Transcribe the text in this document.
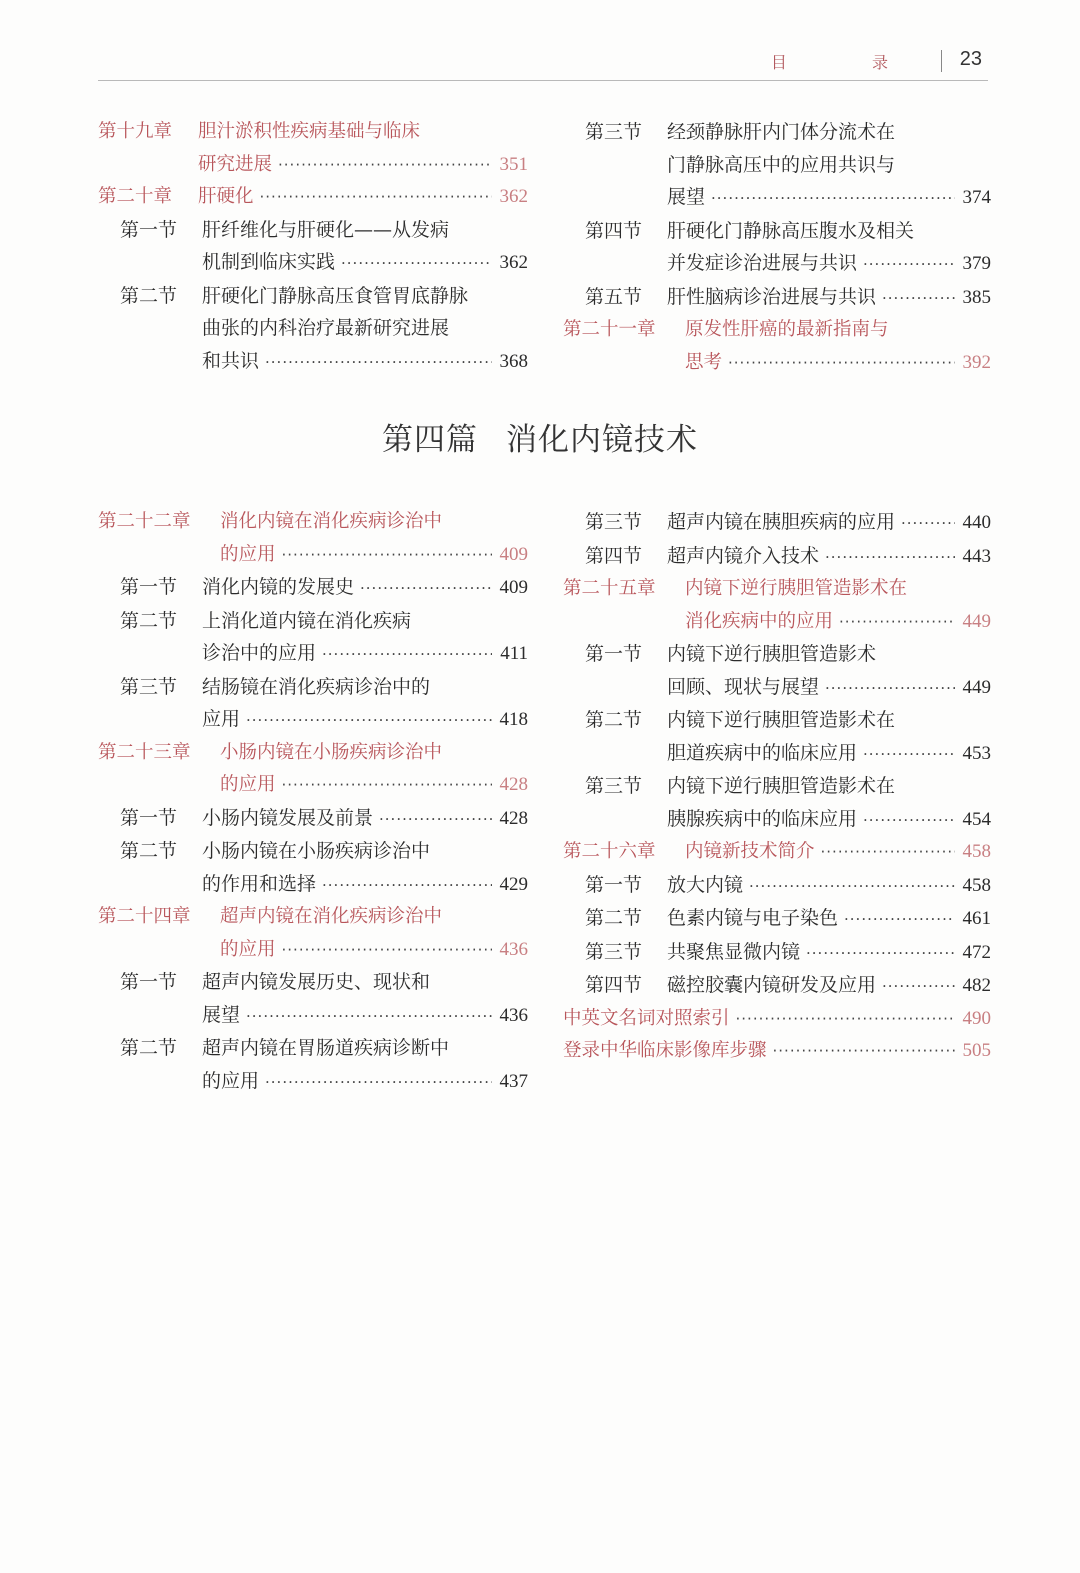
目 录 23
第十九章 胆汁淤积性疾病基础与临床
研究进展 ·····	351
第二十章 肝硬化 ·····	362
第一节 肝纤维化与肝硬化——从发病
机制到临床实践 ·····	362
第二节 肝硬化门静脉高压食管胃底静脉
曲张的内科治疗最新研究进展
和共识 ·····	368
第三节 经颈静脉肝内门体分流术在
门静脉高压中的应用共识与
展望 ·····	374
第四节 肝硬化门静脉高压腹水及相关
并发症诊治进展与共识 ·····	379
第五节 肝性脑病诊治进展与共识 ·····	385
第二十一章 原发性肝癌的最新指南与
思考 ·····	392
第四篇 消化内镜技术
第二十二章 消化内镜在消化疾病诊治中
的应用 ·····	409
第一节 消化内镜的发展史 ·····	409
第二节 上消化道内镜在消化疾病
诊治中的应用 ·····	411
第三节 结肠镜在消化疾病诊治中的
应用 ·····	418
第二十三章 小肠内镜在小肠疾病诊治中
的应用 ·····	428
第一节 小肠内镜发展及前景 ·····	428
第二节 小肠内镜在小肠疾病诊治中
的作用和选择 ·····	429
第二十四章 超声内镜在消化疾病诊治中
的应用 ·····	436
第一节 超声内镜发展历史、现状和
展望 ·····	436
第二节 超声内镜在胃肠道疾病诊断中
的应用 ·····	437
第三节 超声内镜在胰胆疾病的应用 ·····	440
第四节 超声内镜介入技术 ·····	443
第二十五章 内镜下逆行胰胆管造影术在
消化疾病中的应用 ·····	449
第一节 内镜下逆行胰胆管造影术
回顾、现状与展望 ·····	449
第二节 内镜下逆行胰胆管造影术在
胆道疾病中的临床应用 ·····	453
第三节 内镜下逆行胰胆管造影术在
胰腺疾病中的临床应用 ·····	454
第二十六章 内镜新技术简介 ·····	458
第一节 放大内镜 ·····	458
第二节 色素内镜与电子染色 ·····	461
第三节 共聚焦显微内镜 ·····	472
第四节 磁控胶囊内镜研发及应用 ·····	482
中英文名词对照索引 ·····	490
登录中华临床影像库步骤 ·····	505
